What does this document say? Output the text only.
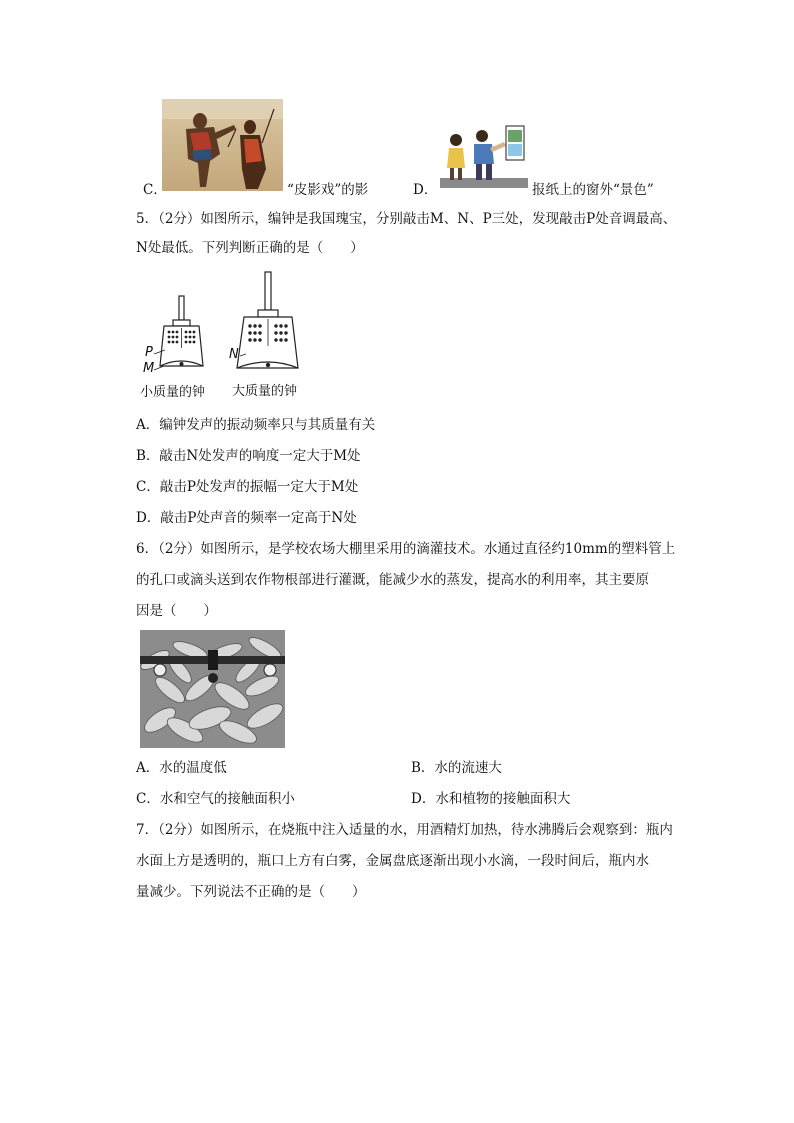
C．	“皮影戏”的影	D．	报纸上的窗外“景色”
5．（2分）如图所示，编钟是我国瑰宝，分别敲击M、N、P三处，发现敲击P处音调最高、
N处最低。下列判断正确的是（　　）
P
M
N
小质量的钟 大质量的钟
A．编钟发声的振动频率只与其质量有关
B．敲击N处发声的响度一定大于M处
C．敲击P处发声的振幅一定大于M处
D．敲击P处声音的频率一定高于N处
6．（2分）如图所示，是学校农场大棚里采用的滴灌技术。水通过直径约10mm的塑料管上
的孔口或滴头送到农作物根部进行灌溉，能减少水的蒸发，提高水的利用率，其主要原
因是（　　）
A．水的温度低	B．水的流速大
C．水和空气的接触面积小	D．水和植物的接触面积大
7．（2分）如图所示，在烧瓶中注入适量的水，用酒精灯加热，待水沸腾后会观察到：瓶内
水面上方是透明的，瓶口上方有白雾，金属盘底逐渐出现小水滴，一段时间后，瓶内水
量减少。下列说法不正确的是（　　）
